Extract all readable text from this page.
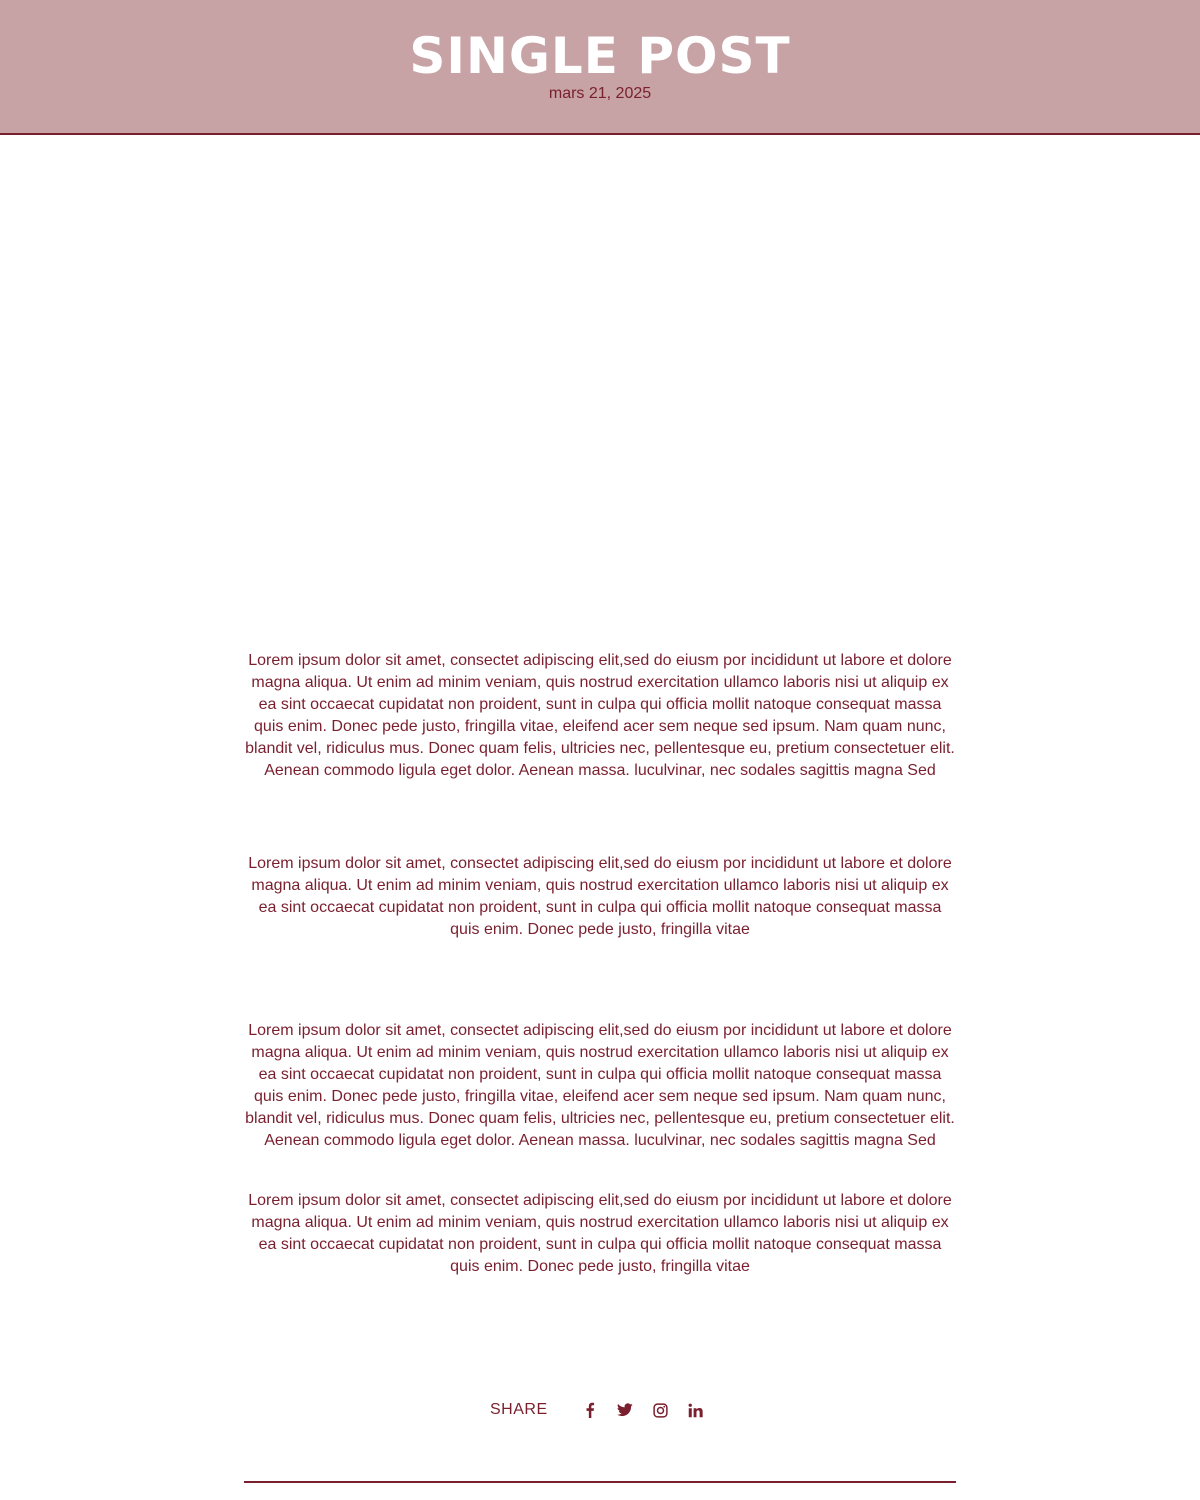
SINGLE POST
mars 21, 2025

Lorem ipsum dolor sit amet, consectet adipiscing elit,sed do eiusm por incididunt ut labore et dolore magna aliqua. Ut enim ad minim veniam, quis nostrud exercitation ullamco laboris nisi ut aliquip ex ea sint occaecat cupidatat non proident, sunt in culpa qui officia mollit natoque consequat massa quis enim. Donec pede justo, fringilla vitae, eleifend acer sem neque sed ipsum. Nam quam nunc, blandit vel, ridiculus mus. Donec quam felis, ultricies nec, pellentesque eu, pretium consectetuer elit. Aenean commodo ligula eget dolor. Aenean massa. luculvinar, nec sodales sagittis magna Sed

Lorem ipsum dolor sit amet, consectet adipiscing elit,sed do eiusm por incididunt ut labore et dolore magna aliqua. Ut enim ad minim veniam, quis nostrud exercitation ullamco laboris nisi ut aliquip ex ea sint occaecat cupidatat non proident, sunt in culpa qui officia mollit natoque consequat massa quis enim. Donec pede justo, fringilla vitae

Lorem ipsum dolor sit amet, consectet adipiscing elit,sed do eiusm por incididunt ut labore et dolore magna aliqua. Ut enim ad minim veniam, quis nostrud exercitation ullamco laboris nisi ut aliquip ex ea sint occaecat cupidatat non proident, sunt in culpa qui officia mollit natoque consequat massa quis enim. Donec pede justo, fringilla vitae, eleifend acer sem neque sed ipsum. Nam quam nunc, blandit vel, ridiculus mus. Donec quam felis, ultricies nec, pellentesque eu, pretium consectetuer elit. Aenean commodo ligula eget dolor. Aenean massa. luculvinar, nec sodales sagittis magna Sed

Lorem ipsum dolor sit amet, consectet adipiscing elit,sed do eiusm por incididunt ut labore et dolore magna aliqua. Ut enim ad minim veniam, quis nostrud exercitation ullamco laboris nisi ut aliquip ex ea sint occaecat cupidatat non proident, sunt in culpa qui officia mollit natoque consequat massa quis enim. Donec pede justo, fringilla vitae

SHARE
